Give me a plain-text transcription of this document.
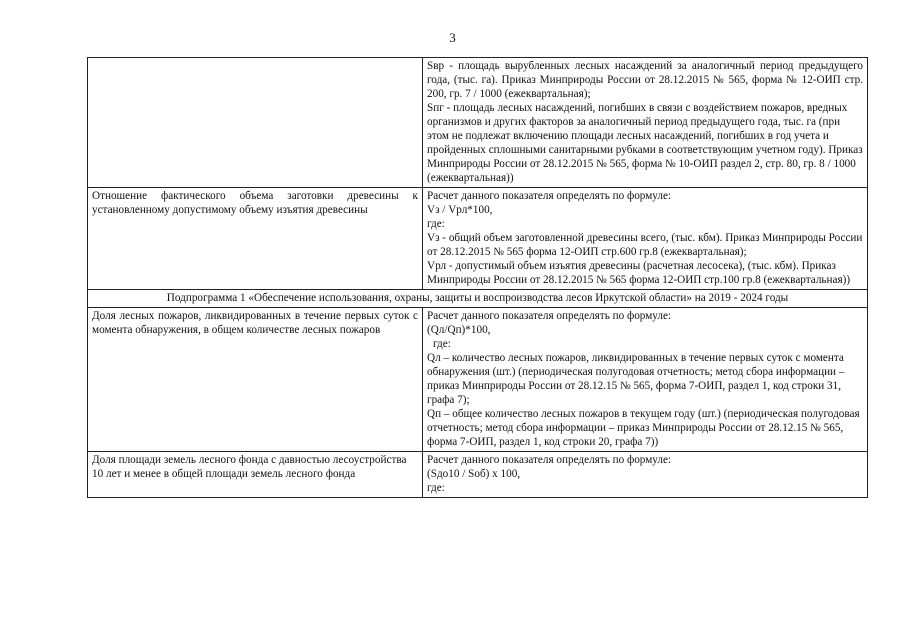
3

	Sвр - площадь вырубленных лесных насаждений за аналогичный период предыдущего года, (тыс. га). Приказ Минприроды России от 28.12.2015 № 565, форма № 12-ОИП стр. 200, гр. 7 / 1000 (ежеквартальная);

Sпг - площадь лесных насаждений, погибших в связи с воздействием пожаров, вредных организмов и других факторов за аналогичный период предыдущего года, тыс. га (при этом не подлежат включению площади лесных насаждений, погибших в год учета и пройденных сплошными санитарными рубками в соответствующим учетном году). Приказ Минприроды России от 28.12.2015 № 565, форма № 10-ОИП раздел 2, стр. 80, гр. 8 / 1000 (ежеквартальная))

Отношение фактического объема заготовки древесины к установленному допустимому объему изъятия древесины	Расчет данного показателя определять по формуле:

Vз / Vрл*100,

где:

Vз - общий объем заготовленной древесины всего, (тыс. кбм). Приказ Минприроды России от 28.12.2015 № 565 форма 12-ОИП стр.600 гр.8 (ежеквартальная);

Vрл - допустимый объем изъятия древесины (расчетная лесосека), (тыс. кбм). Приказ Минприроды России от 28.12.2015 № 565 форма 12-ОИП стр.100 гр.8 (ежеквартальная))

Подпрограмма 1 «Обеспечение использования, охраны, защиты и воспроизводства лесов Иркутской области» на 2019 - 2024 годы	
Доля лесных пожаров, ликвидированных в течение первых суток с момента обнаружения, в общем количестве лесных пожаров	Расчет данного показателя определять по формуле:

(Qл/Qп)*100,

где:

Qл – количество лесных пожаров, ликвидированных в течение первых суток с момента обнаружения (шт.) (периодическая полугодовая отчетность; метод сбора информации – приказ Минприроды России от 28.12.15 № 565, форма 7-ОИП, раздел 1, код строки 31, графа 7);

Qп – общее количество лесных пожаров в текущем году (шт.) (периодическая полугодовая отчетность; метод сбора информации – приказ Минприроды России от 28.12.15 № 565, форма 7-ОИП, раздел 1, код строки 20, графа 7))

Доля площади земель лесного фонда с давностью лесоустройства 10 лет и менее в общей площади земель лесного фонда	Расчет данного показателя определять по формуле:

(Sдо10 / Sоб) x 100,

где:
